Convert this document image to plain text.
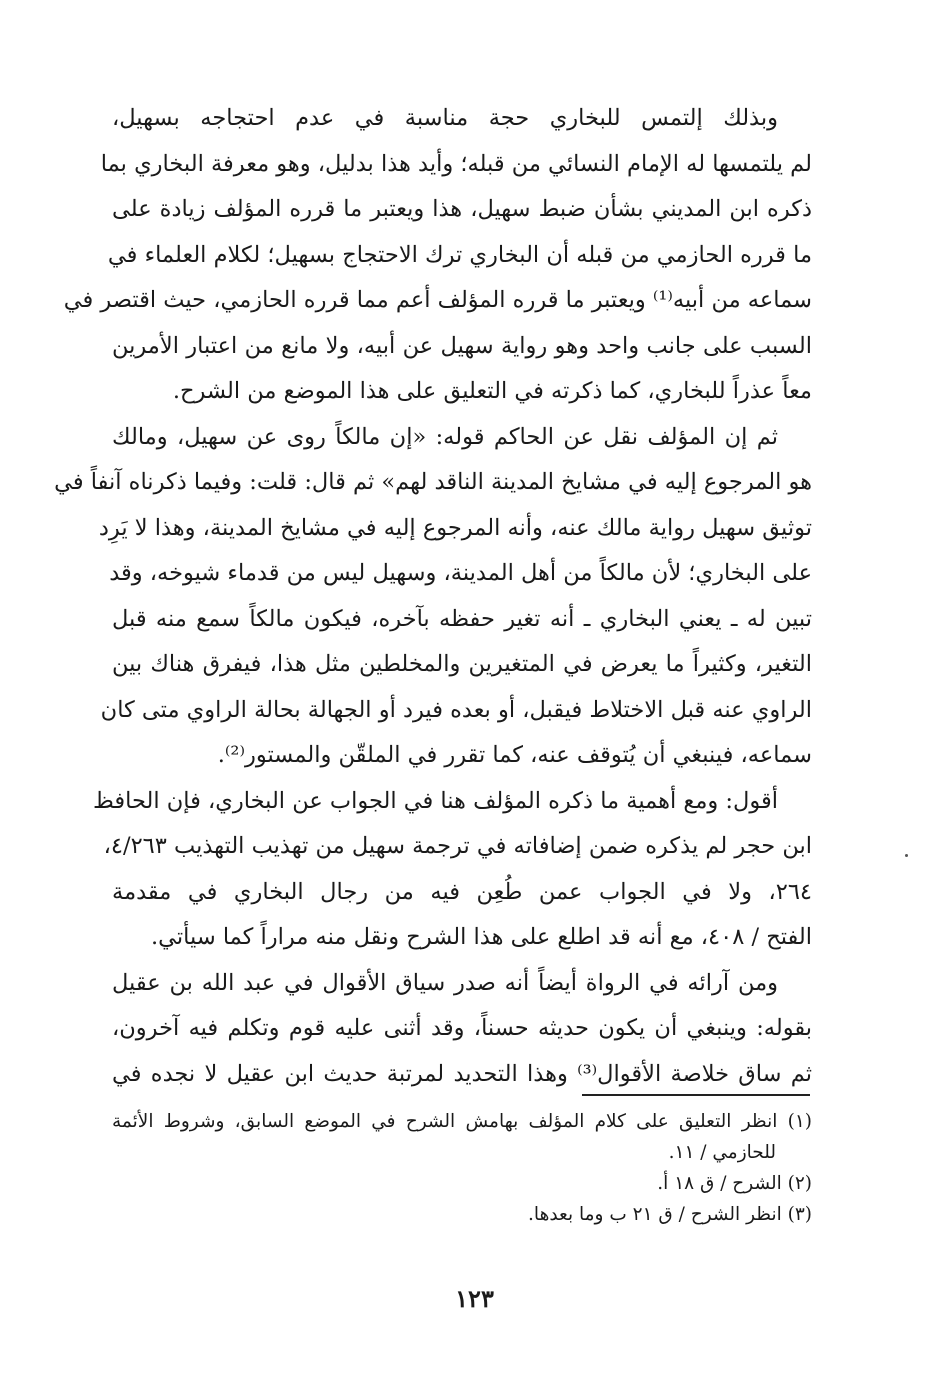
وبذلك إلتمس للبخاري حجة مناسبة في عدم احتجاجه بسهيل،
لم يلتمسها له الإمام النسائي من قبله؛ وأيد هذا بدليل، وهو معرفة البخاري بما
ذكره ابن المديني بشأن ضبط سهيل، هذا ويعتبر ما قرره المؤلف زيادة على
ما قرره الحازمي من قبله أن البخاري ترك الاحتجاج بسهيل؛ لكلام العلماء في
سماعه من أبيه⁽¹⁾ ويعتبر ما قرره المؤلف أعم مما قرره الحازمي، حيث اقتصر في
السبب على جانب واحد وهو رواية سهيل عن أبيه، ولا مانع من اعتبار الأمرين
معاً عذراً للبخاري، كما ذكرته في التعليق على هذا الموضع من الشرح.
ثم إن المؤلف نقل عن الحاكم قوله: «إن مالكاً روى عن سهيل، ومالك
هو المرجوع إليه في مشايخ المدينة الناقد لهم» ثم قال: قلت: وفيما ذكرناه آنفاً في
توثيق سهيل رواية مالك عنه، وأنه المرجوع إليه في مشايخ المدينة، وهذا لا يَرِد
على البخاري؛ لأن مالكاً من أهل المدينة، وسهيل ليس من قدماء شيوخه، وقد
تبين له ـ يعني البخاري ـ أنه تغير حفظه بآخره، فيكون مالكاً سمع منه قبل
التغير، وكثيراً ما يعرض في المتغيرين والمخلطين مثل هذا، فيفرق هناك بين
الراوي عنه قبل الاختلاط فيقبل، أو بعده فيرد أو الجهالة بحالة الراوي متى كان
سماعه، فينبغي أن يُتوقف عنه، كما تقرر في الملقّن والمستور⁽²⁾.
أقول: ومع أهمية ما ذكره المؤلف هنا في الجواب عن البخاري، فإن الحافظ
ابن حجر لم يذكره ضمن إضافاته في ترجمة سهيل من تهذيب التهذيب ٤/٢٦٣،
٢٦٤، ولا في الجواب عمن طُعِن فيه من رجال البخاري في مقدمة
الفتح / ٤٠٨، مع أنه قد اطلع على هذا الشرح ونقل منه مراراً كما سيأتي.
ومن آرائه في الرواة أيضاً أنه صدر سياق الأقوال في عبد الله بن عقيل
بقوله: وينبغي أن يكون حديثه حسناً، وقد أثنى عليه قوم وتكلم فيه آخرون،
ثم ساق خلاصة الأقوال⁽³⁾ وهذا التحديد لمرتبة حديث ابن عقيل لا نجده في
(١) انظر التعليق على كلام المؤلف بهامش الشرح في الموضع السابق، وشروط الأئمة
للحازمي / ١١.
(٢) الشرح / ق ١٨ أ.
(٣) انظر الشرح / ق ٢١ ب وما بعدها.
١٢٣
